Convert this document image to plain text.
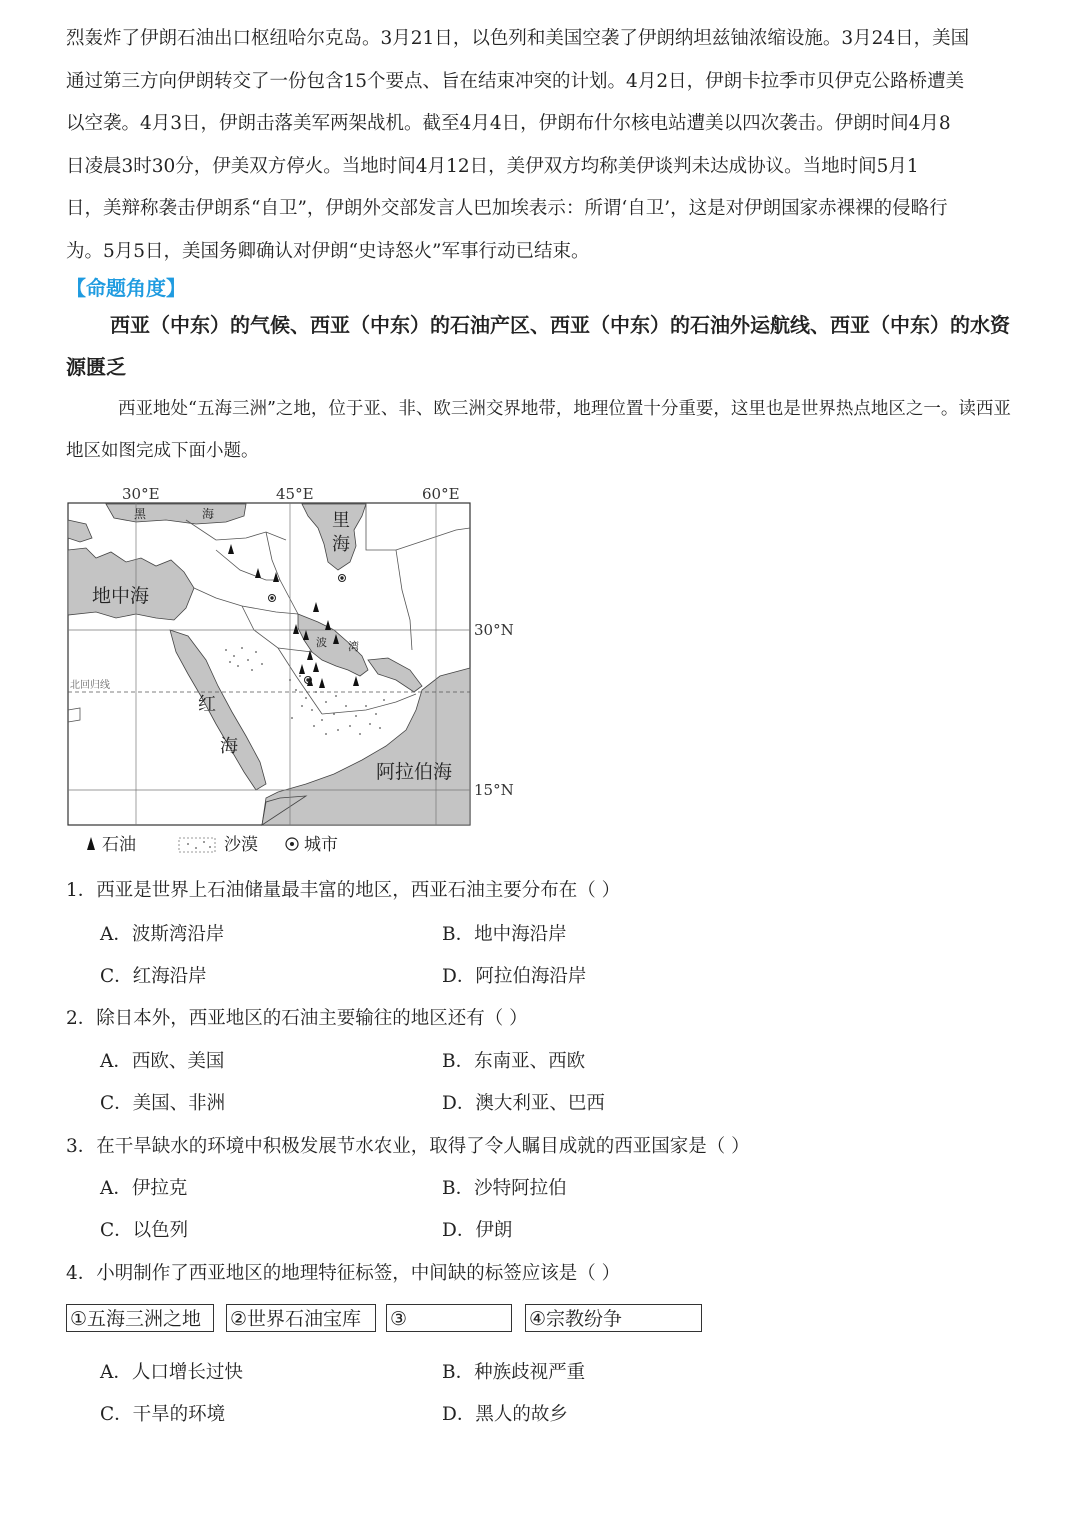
烈轰炸了伊朗石油出口枢纽哈尔克岛。3月21日，以色列和美国空袭了伊朗纳坦兹铀浓缩设施。3月24日，美国

通过第三方向伊朗转交了一份包含15个要点、旨在结束冲突的计划。4月2日，伊朗卡拉季市贝伊克公路桥遭美

以空袭。4月3日，伊朗击落美军两架战机。截至4月4日，伊朗布什尔核电站遭美以四次袭击。伊朗时间4月8

日凌晨3时30分，伊美双方停火。当地时间4月12日，美伊双方均称美伊谈判未达成协议。当地时间5月1

日，美辩称袭击伊朗系“自卫”，伊朗外交部发言人巴加埃表示：所谓‘自卫’，这是对伊朗国家赤裸裸的侵略行

为。5月5日，美国务卿确认对伊朗“史诗怒火”军事行动已结束。

【命题角度】

西亚（中东）的气候、西亚（中东）的石油产区、西亚（中东）的石油外运航线、西亚（中东）的水资源匮乏

西亚地处“五海三洲”之地，位于亚、非、欧三洲交界地带，地理位置十分重要，这里也是世界热点地区之一。读西亚地区如图完成下面小题。

30°E	45°E	60°E
北回归线
黑	海	里
海
地中海
红
海
波 湾
阿拉伯海
30°N
15°N
石油	沙漠	城市

1．西亚是世界上石油储量最丰富的地区，西亚石油主要分布在（ ）

A．波斯湾沿岸	B．地中海沿岸

C．红海沿岸	D．阿拉伯海沿岸

2．除日本外，西亚地区的石油主要输往的地区还有（ ）

A．西欧、美国	B．东南亚、西欧

C．美国、非洲	D．澳大利亚、巴西

3．在干旱缺水的环境中积极发展节水农业，取得了令人瞩目成就的西亚国家是（ ）

A．伊拉克	B．沙特阿拉伯

C．以色列	D．伊朗

4．小明制作了西亚地区的地理特征标签，中间缺的标签应该是（ ）

①五海三洲之地	②世界石油宝库	③	④宗教纷争

A．人口增长过快	B．种族歧视严重

C．干旱的环境	D．黑人的故乡
